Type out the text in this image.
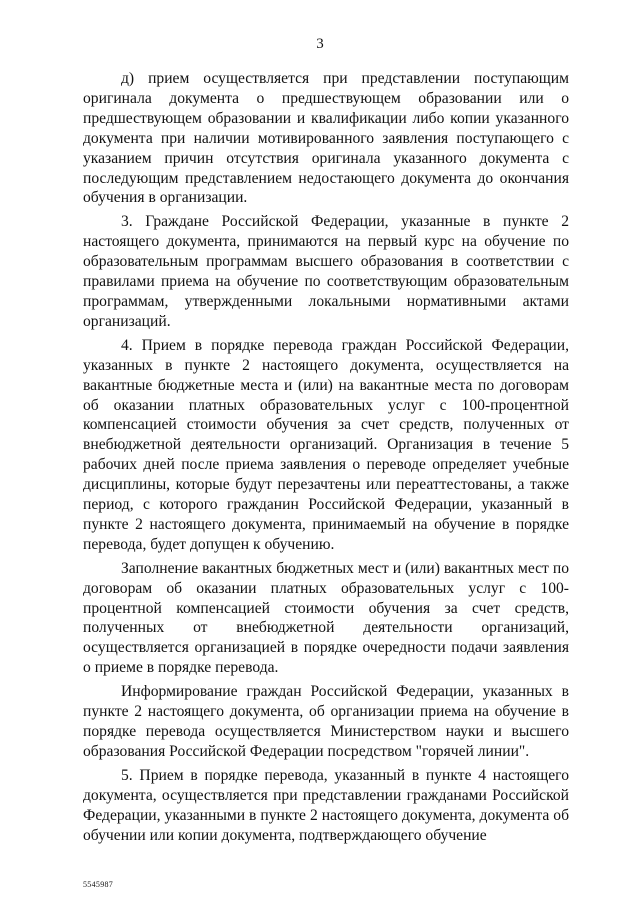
3

д) прием осуществляется при представлении поступающим оригинала документа о предшествующем образовании или о предшествующем образовании и квалификации либо копии указанного документа при наличии мотивированного заявления поступающего с указанием причин отсутствия оригинала указанного документа с последующим представлением недостающего документа до окончания обучения в организации.

3. Граждане Российской Федерации, указанные в пункте 2 настоящего документа, принимаются на первый курс на обучение по образовательным программам высшего образования в соответствии с правилами приема на обучение по соответствующим образовательным программам, утвержденными локальными нормативными актами организаций.

4. Прием в порядке перевода граждан Российской Федерации, указанных в пункте 2 настоящего документа, осуществляется на вакантные бюджетные места и (или) на вакантные места по договорам об оказании платных образовательных услуг с 100-процентной компенсацией стоимости обучения за счет средств, полученных от внебюджетной деятельности организаций. Организация в течение 5 рабочих дней после приема заявления о переводе определяет учебные дисциплины, которые будут перезачтены или переаттестованы, а также период, с которого гражданин Российской Федерации, указанный в пункте 2 настоящего документа, принимаемый на обучение в порядке перевода, будет допущен к обучению.

Заполнение вакантных бюджетных мест и (или) вакантных мест по договорам об оказании платных образовательных услуг с 100-процентной компенсацией стоимости обучения за счет средств, полученных от внебюджетной деятельности организаций, осуществляется организацией в порядке очередности подачи заявления о приеме в порядке перевода.

Информирование граждан Российской Федерации, указанных в пункте 2 настоящего документа, об организации приема на обучение в порядке перевода осуществляется Министерством науки и высшего образования Российской Федерации посредством "горячей линии".

5. Прием в порядке перевода, указанный в пункте 4 настоящего документа, осуществляется при представлении гражданами Российской Федерации, указанными в пункте 2 настоящего документа, документа об обучении или копии документа, подтверждающего обучение

5545987
